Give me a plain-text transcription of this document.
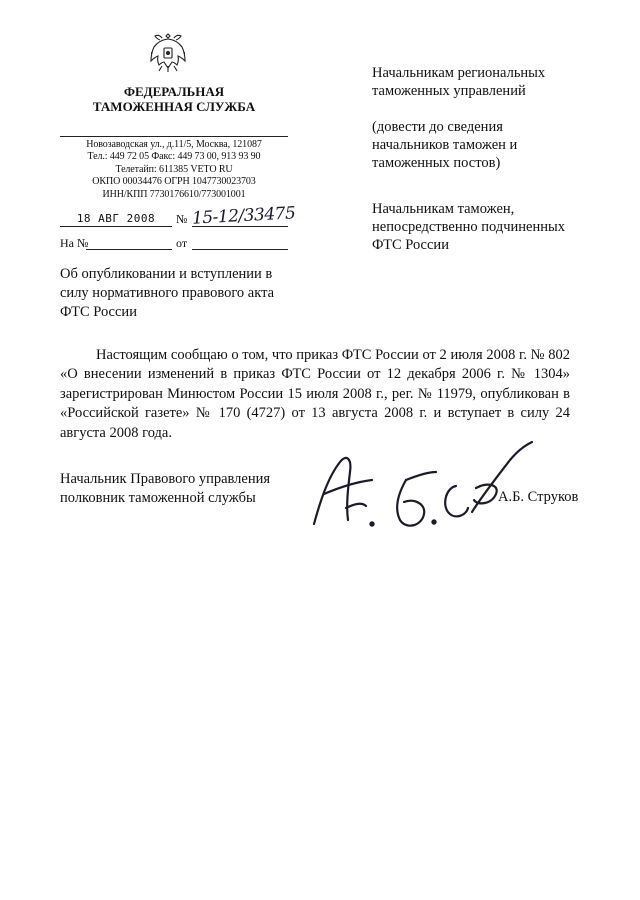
ФЕДЕРАЛЬНАЯ
ТАМОЖЕННАЯ СЛУЖБА
Новозаводская ул., д.11/5, Москва, 121087
Тел.: 449 72 05 Факс: 449 73 00, 913 93 90
Телетайп: 611385 VETO RU
ОКПО 00034476 ОГРН 1047730023703
ИНН/КПП 7730176610/773001001
18 АВГ 2008	№ 15-12/33475
На №	от
Об опубликовании и вступлении в
силу нормативного правового акта
ФТС России
Начальникам региональных
таможенных управлений
(довести до сведения
начальников таможен и
таможенных постов)
Начальникам таможен,
непосредственно подчиненных
ФТС России
Настоящим сообщаю о том, что приказ ФТС России от 2 июля 2008 г. № 802 «О внесении изменений в приказ ФТС России от 12 декабря 2006 г. № 1304» зарегистрирован Минюстом России 15 июля 2008 г., рег. № 11979, опубликован в «Российской газете» № 170 (4727) от 13 августа 2008 г. и вступает в силу 24 августа 2008 года.
Начальник Правового управления
полковник таможенной службы	А.Б. Струков
